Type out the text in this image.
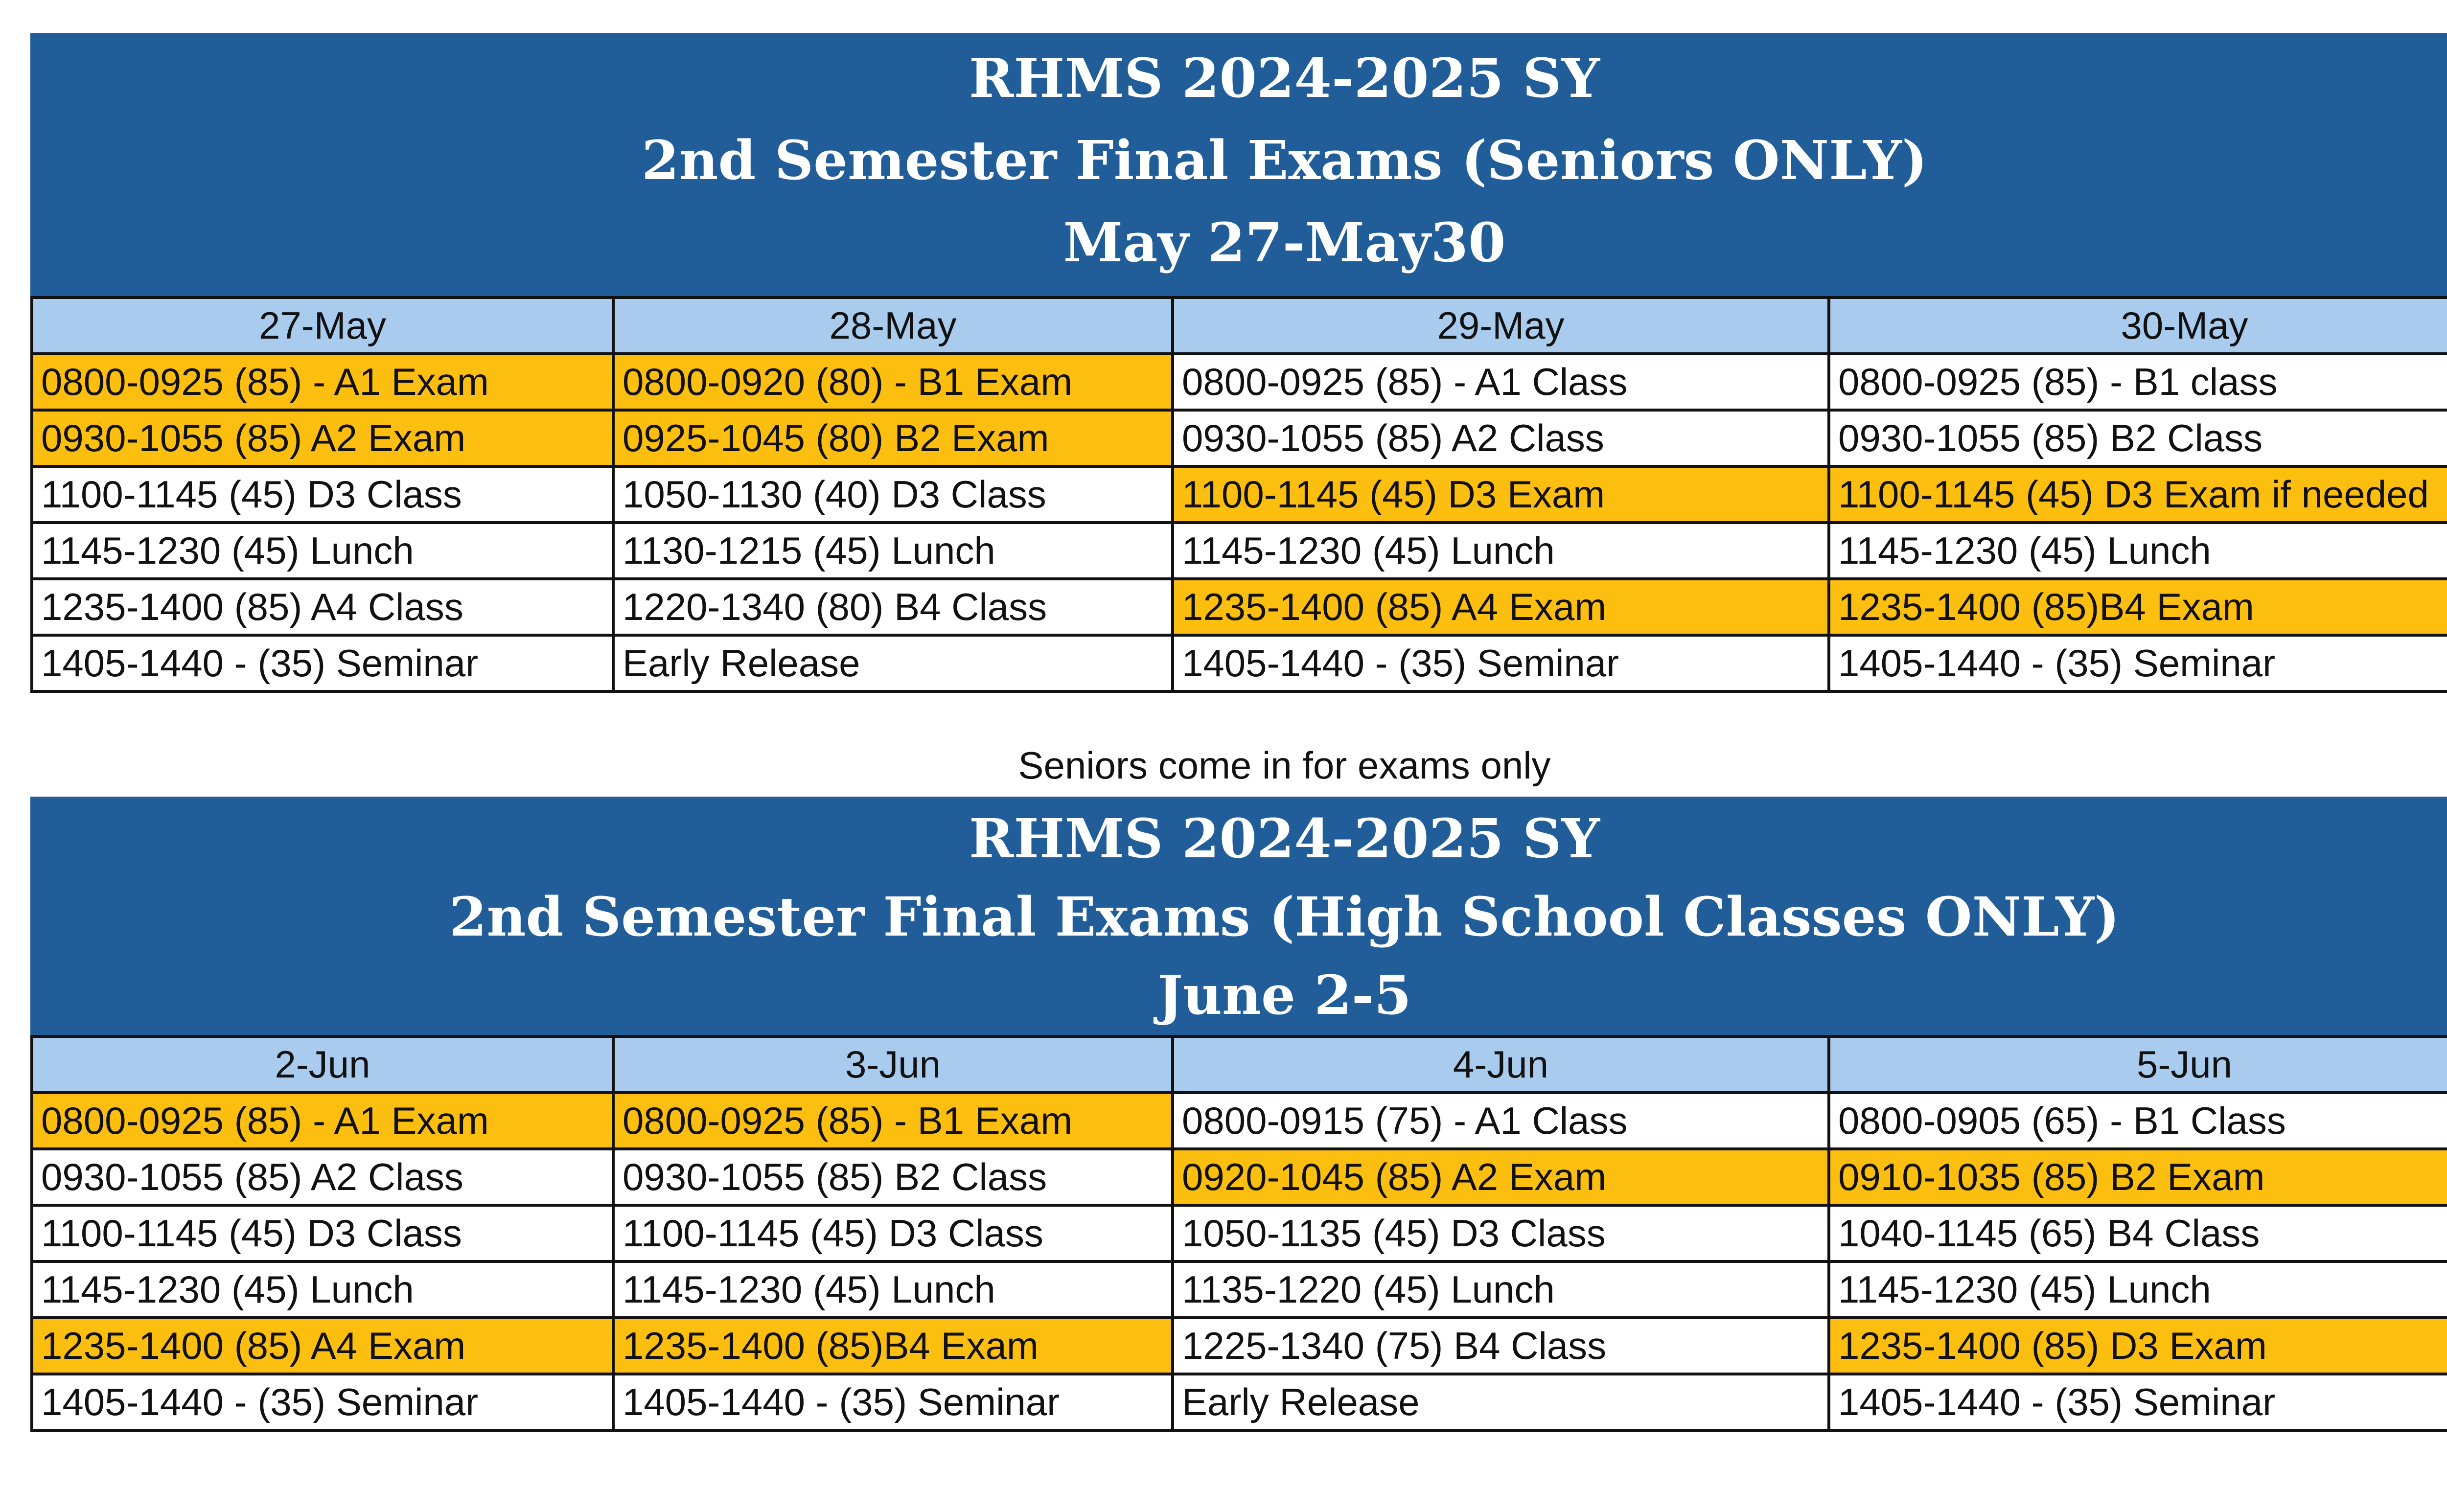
RHMS 2024-2025 SY
2nd Semester Final Exams (Seniors ONLY)
May 27-May30
27-May	28-May	29-May	30-May
0800-0925 (85) - A1 Exam	0800-0920 (80) - B1 Exam	0800-0925 (85) - A1 Class	0800-0925 (85) - B1 class
0930-1055 (85) A2 Exam	0925-1045 (80) B2 Exam	0930-1055 (85) A2 Class	0930-1055 (85) B2 Class
1100-1145 (45) D3 Class	1050-1130 (40) D3 Class	1100-1145 (45) D3 Exam	1100-1145 (45) D3 Exam if needed
1145-1230 (45) Lunch	1130-1215 (45) Lunch	1145-1230 (45) Lunch	1145-1230 (45) Lunch
1235-1400 (85) A4 Class	1220-1340 (80) B4 Class	1235-1400 (85) A4 Exam	1235-1400 (85)B4 Exam
1405-1440 - (35) Seminar	Early Release	1405-1440 - (35) Seminar	1405-1440 - (35) Seminar
Seniors come in for exams only
RHMS 2024-2025 SY
2nd Semester Final Exams (High School Classes ONLY)
June 2-5
2-Jun	3-Jun	4-Jun	5-Jun
0800-0925 (85) - A1 Exam	0800-0925 (85) - B1 Exam	0800-0915 (75) - A1 Class	0800-0905 (65) - B1 Class
0930-1055 (85) A2 Class	0930-1055 (85) B2 Class	0920-1045 (85) A2 Exam	0910-1035 (85) B2 Exam
1100-1145 (45) D3 Class	1100-1145 (45) D3 Class	1050-1135 (45) D3 Class	1040-1145 (65) B4 Class
1145-1230 (45) Lunch	1145-1230 (45) Lunch	1135-1220 (45) Lunch	1145-1230 (45) Lunch
1235-1400 (85) A4 Exam	1235-1400 (85)B4 Exam	1225-1340 (75) B4 Class	1235-1400 (85) D3 Exam
1405-1440 - (35) Seminar	1405-1440 - (35) Seminar	Early Release	1405-1440 - (35) Seminar
